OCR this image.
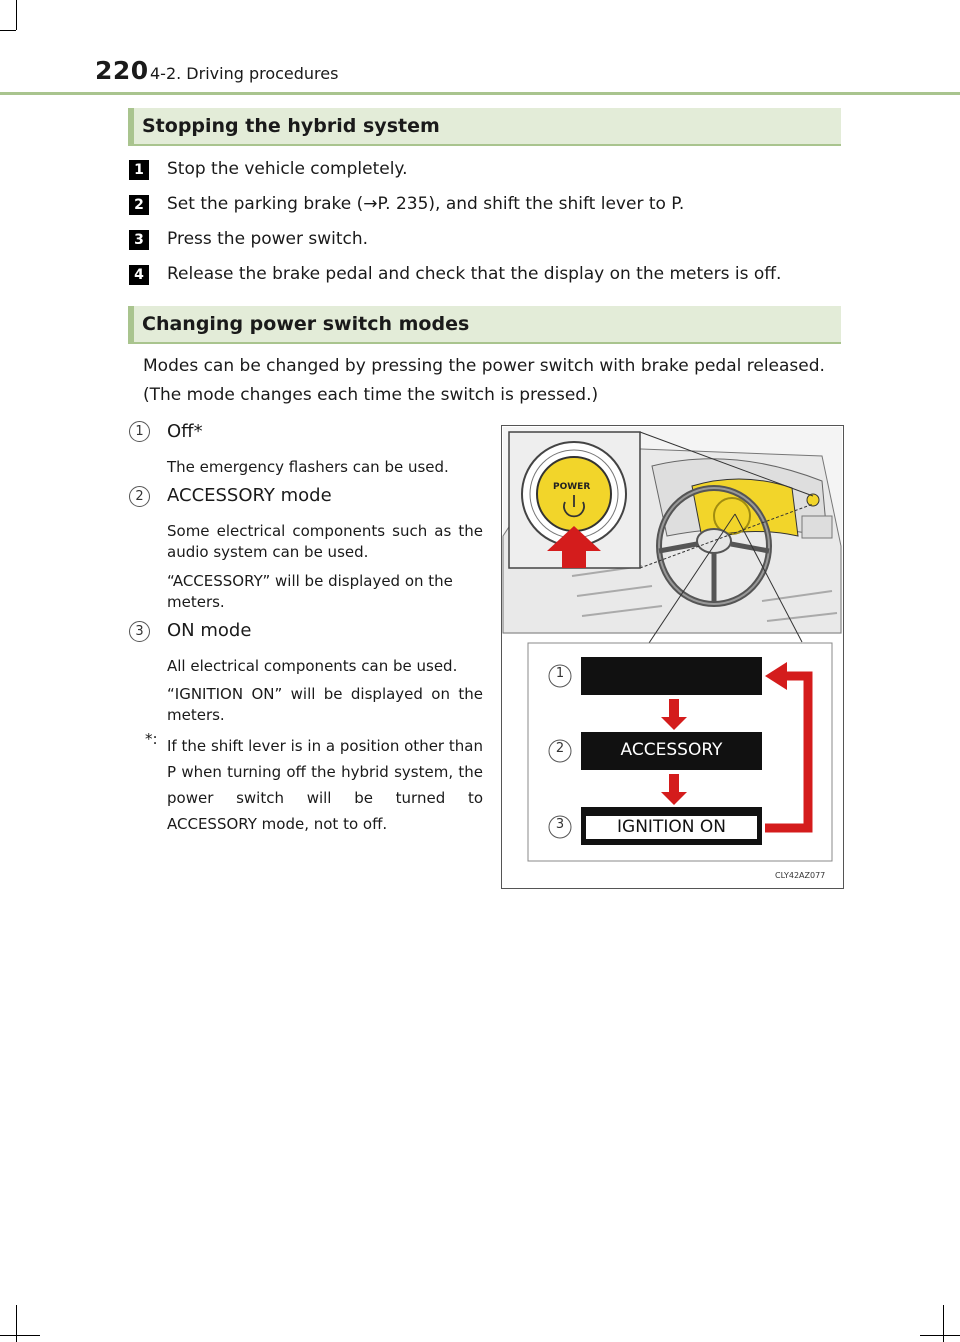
220 4-2. Driving procedures
Stopping the hybrid system
1	Stop the vehicle completely.
2	Set the parking brake (→P. 235), and shift the shift lever to P.
3	Press the power switch.
4	Release the brake pedal and check that the display on the meters is off.
Changing power switch modes
Modes can be changed by pressing the power switch with brake pedal released.
(The mode changes each time the switch is pressed.)
1	Off*
The emergency flashers can be used.
2	ACCESSORY mode
Some electrical components such as the audio system can be used.
“ACCESSORY” will be displayed on the meters.
3	ON mode
All electrical components can be used.
“IGNITION ON” will be displayed on the meters.
*: If the shift lever is in a position other than P when turning off the hybrid system, the power switch will be turned to ACCESSORY mode, not to off.
POWER
1
2
3
ACCESSORY
IGNITION ON
CLY42AZ077
